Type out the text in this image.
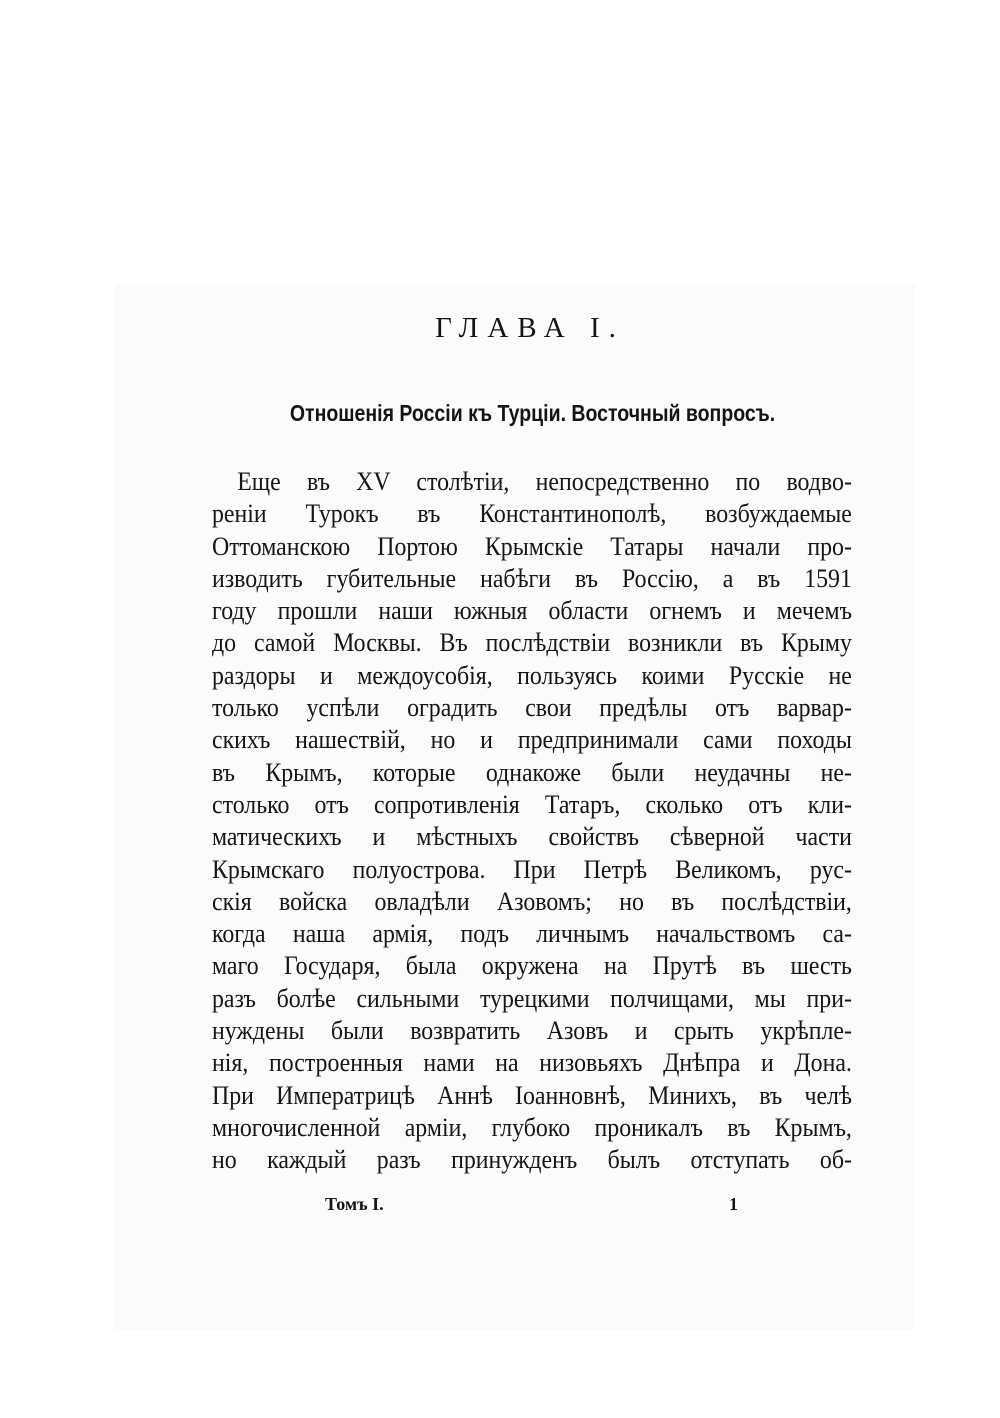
ГЛАВА I.
Отношенія Россіи къ Турціи. Восточный вопросъ.
Еще въ XV столѣтіи, непосредственно по водво-
реніи Турокъ въ Константинополѣ, возбуждаемые
Оттоманскою Портою Крымскіе Татары начали про-
изводить губительные набѣги въ Россію, а въ 1591
году прошли наши южныя области огнемъ и мечемъ
до самой Москвы. Въ послѣдствіи возникли въ Крыму
раздоры и междоусобія, пользуясь коими Русскіе не
только успѣли оградить свои предѣлы отъ варвар-
скихъ нашествій, но и предпринимали сами походы
въ Крымъ, которые однакоже были неудачны не-
столько отъ сопротивленія Татаръ, сколько отъ кли-
матическихъ и мѣстныхъ свойствъ сѣверной части
Крымскаго полуострова. При Петрѣ Великомъ, рус-
скія войска овладѣли Азовомъ; но въ послѣдствіи,
когда наша армія, подъ личнымъ начальствомъ са-
маго Государя, была окружена на Прутѣ въ шесть
разъ болѣе сильными турецкими полчищами, мы при-
нуждены были возвратить Азовъ и срыть укрѣпле-
нія, построенныя нами на низовьяхъ Днѣпра и Дона.
При Императрицѣ Аннѣ Іоанновнѣ, Минихъ, въ челѣ
многочисленной арміи, глубоко проникалъ въ Крымъ,
но каждый разъ принужденъ былъ отступать об-
Томъ I.	1
